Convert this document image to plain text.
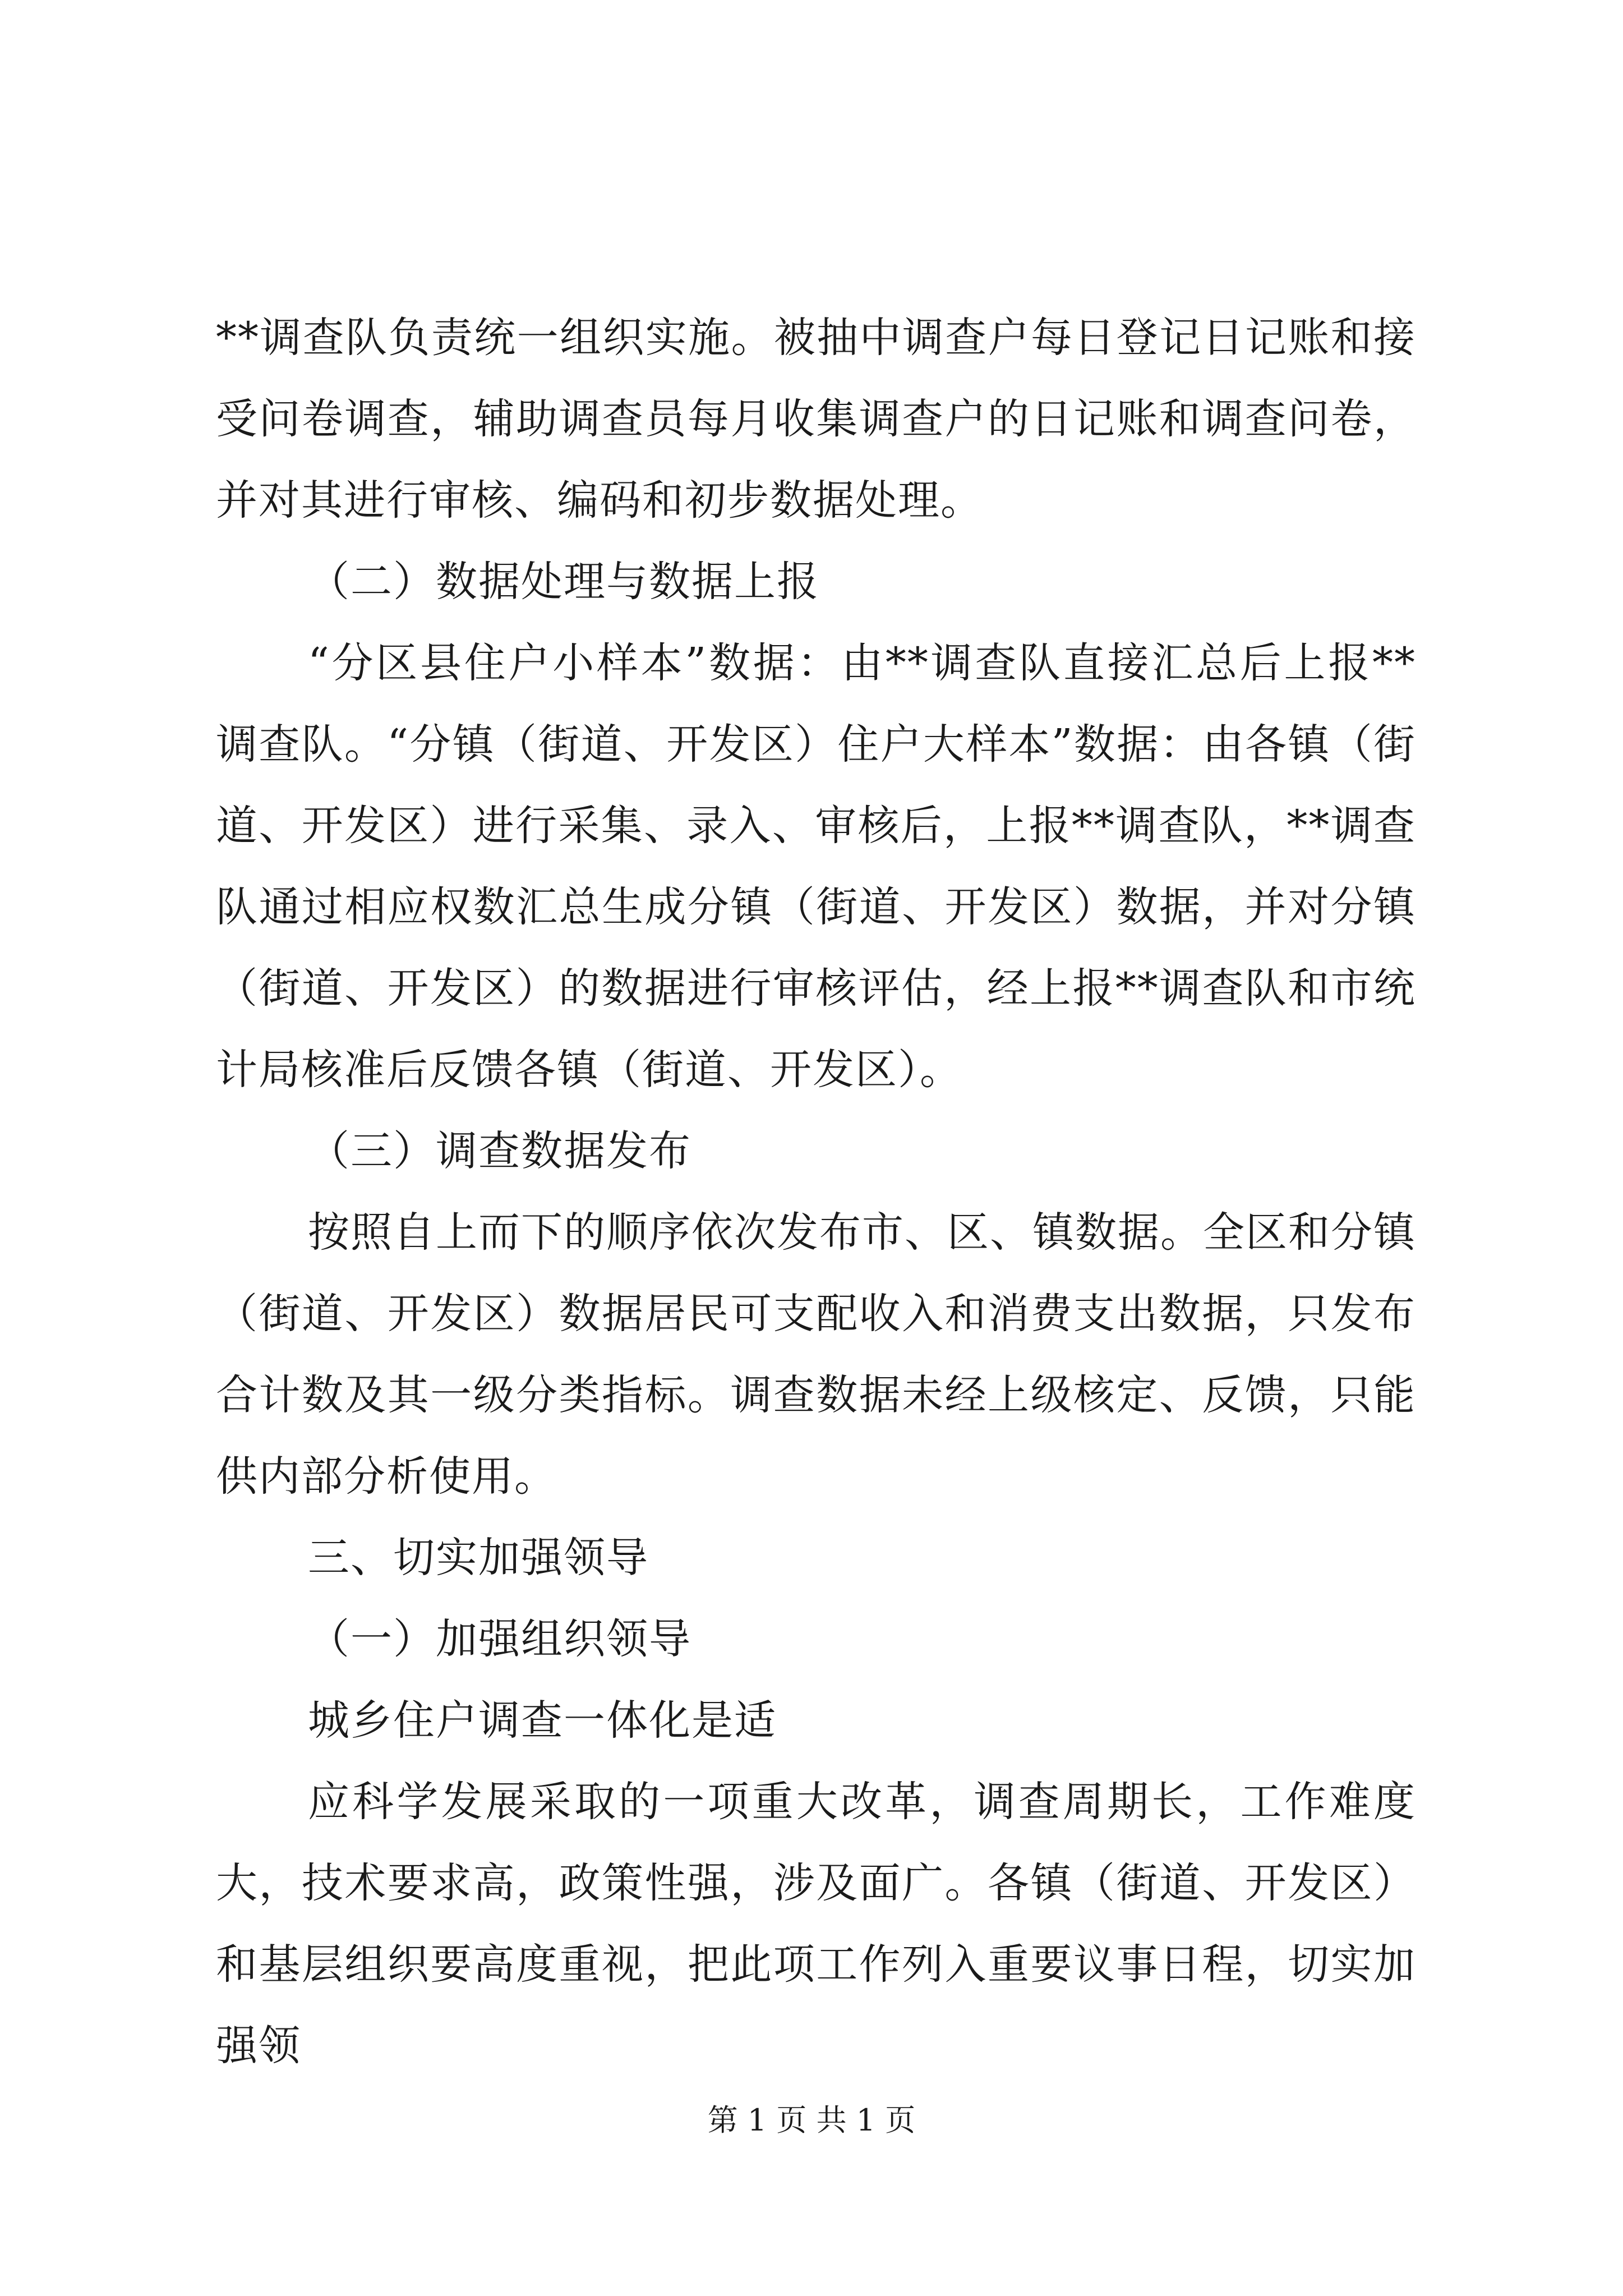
**调查队负责统一组织实施。被抽中调查户每日登记日记账和接受问卷调查，辅助调查员每月收集调查户的日记账和调查问卷，并对其进行审核、编码和初步数据处理。

（二）数据处理与数据上报

“分区县住户小样本”数据：由**调查队直接汇总后上报**调查队。“分镇（街道、开发区）住户大样本”数据：由各镇（街道、开发区）进行采集、录入、审核后，上报**调查队，**调查队通过相应权数汇总生成分镇（街道、开发区）数据，并对分镇（街道、开发区）的数据进行审核评估，经上报**调查队和市统计局核准后反馈各镇（街道、开发区）。

（三）调查数据发布

按照自上而下的顺序依次发布市、区、镇数据。全区和分镇（街道、开发区）数据居民可支配收入和消费支出数据，只发布合计数及其一级分类指标。调查数据未经上级核定、反馈，只能供内部分析使用。

三、切实加强领导

（一）加强组织领导

城乡住户调查一体化是适

应科学发展采取的一项重大改革，调查周期长，工作难度大，技术要求高，政策性强，涉及面广。各镇（街道、开发区）和基层组织要高度重视，把此项工作列入重要议事日程，切实加强领

第 1 页 共 1 页
